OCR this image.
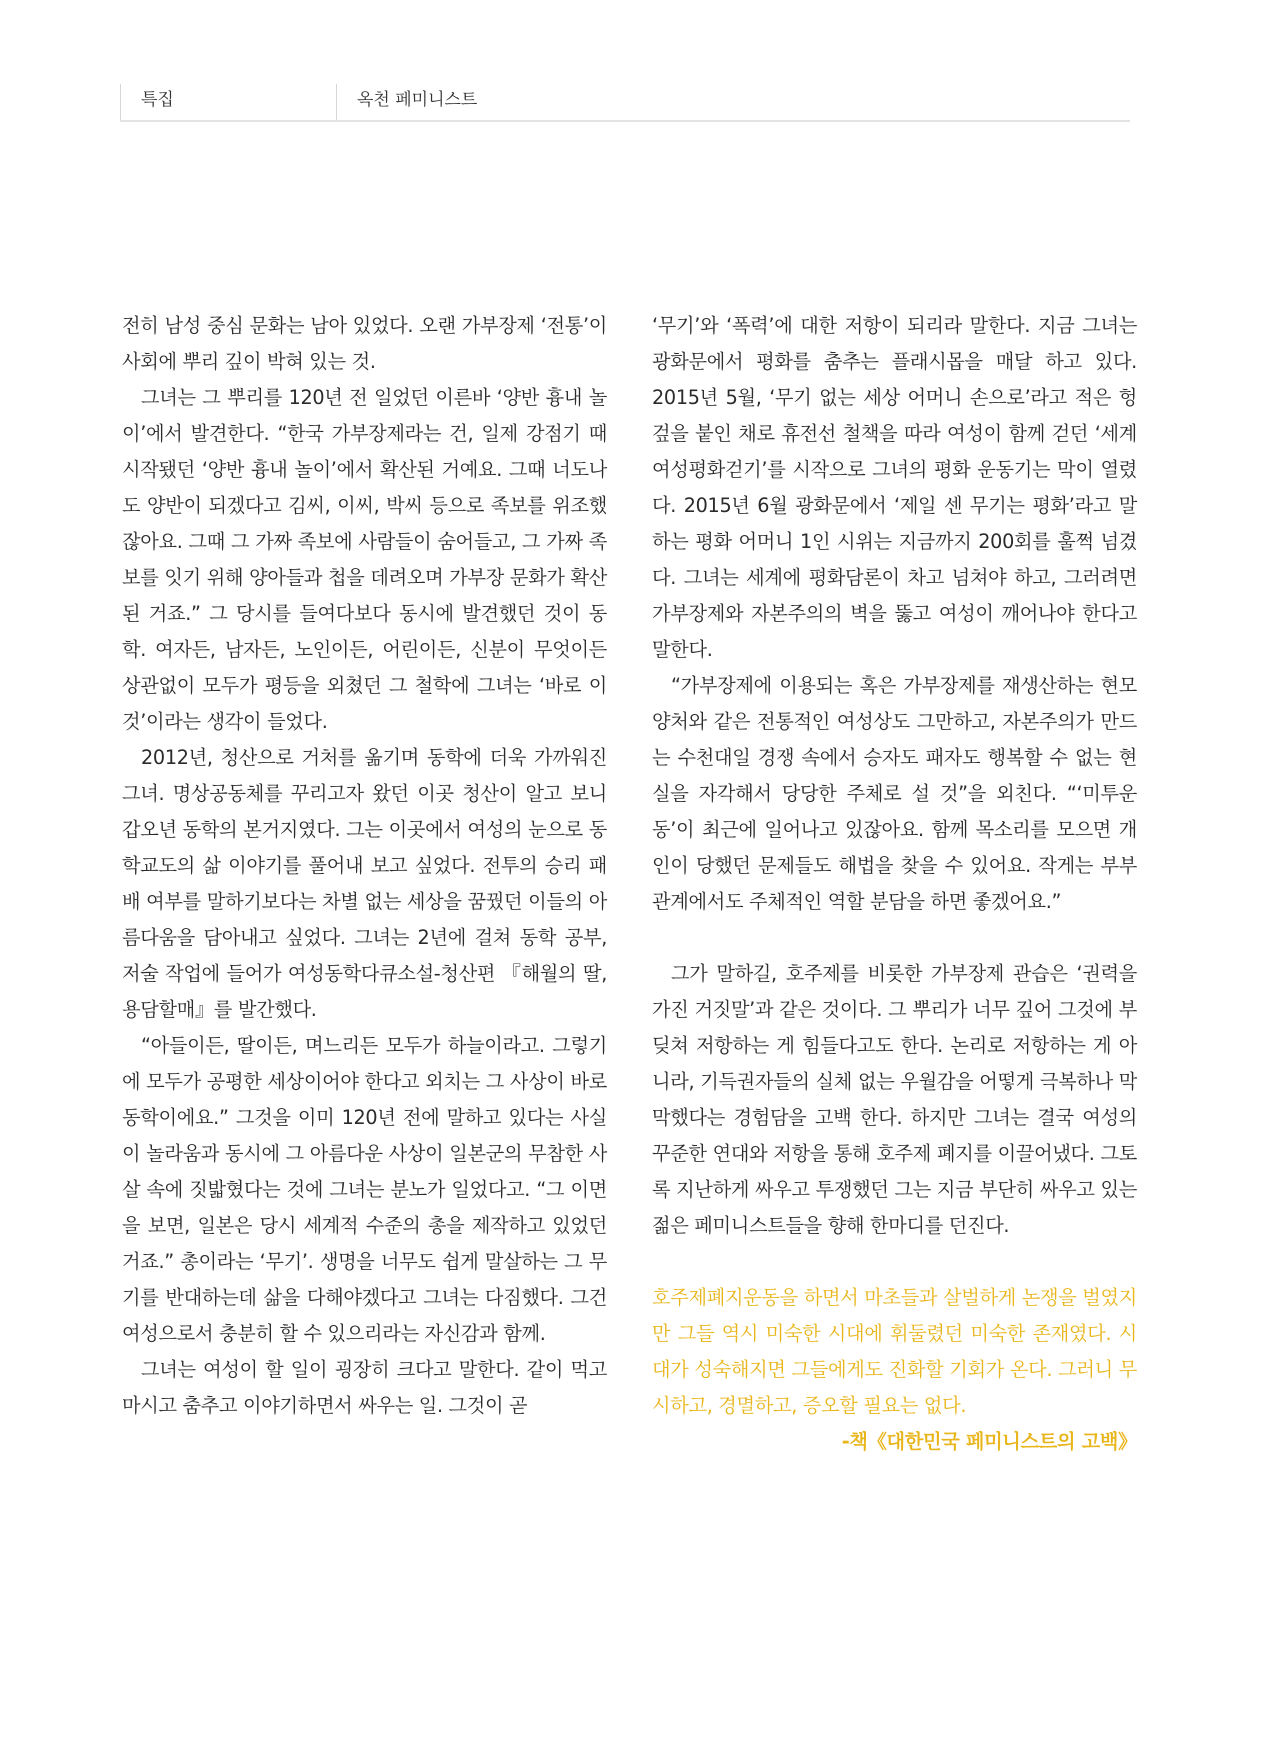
특집	옥천 페미니스트

전히 남성 중심 문화는 남아 있었다. 오랜 가부장제 ‘전통’이 사회에 뿌리 깊이 박혀 있는 것.

그녀는 그 뿌리를 120년 전 일었던 이른바 ‘양반 흉내 놀이’에서 발견한다. “한국 가부장제라는 건, 일제 강점기 때 시작됐던 ‘양반 흉내 놀이’에서 확산된 거예요. 그때 너도나도 양반이 되겠다고 김씨, 이씨, 박씨 등으로 족보를 위조했잖아요. 그때 그 가짜 족보에 사람들이 숨어들고, 그 가짜 족보를 잇기 위해 양아들과 첩을 데려오며 가부장 문화가 확산된 거죠.” 그 당시를 들여다보다 동시에 발견했던 것이 동학. 여자든, 남자든, 노인이든, 어린이든, 신분이 무엇이든 상관없이 모두가 평등을 외쳤던 그 철학에 그녀는 ‘바로 이것’이라는 생각이 들었다.

2012년, 청산으로 거처를 옮기며 동학에 더욱 가까워진 그녀. 명상공동체를 꾸리고자 왔던 이곳 청산이 알고 보니 갑오년 동학의 본거지였다. 그는 이곳에서 여성의 눈으로 동학교도의 삶 이야기를 풀어내 보고 싶었다. 전투의 승리 패배 여부를 말하기보다는 차별 없는 세상을 꿈꿨던 이들의 아름다움을 담아내고 싶었다. 그녀는 2년에 걸쳐 동학 공부, 저술 작업에 들어가 여성동학다큐소설-청산편 『해월의 딸, 용담할매』를 발간했다.

“아들이든, 딸이든, 며느리든 모두가 하늘이라고. 그렇기에 모두가 공평한 세상이어야 한다고 외치는 그 사상이 바로 동학이에요.” 그것을 이미 120년 전에 말하고 있다는 사실이 놀라움과 동시에 그 아름다운 사상이 일본군의 무참한 사살 속에 짓밟혔다는 것에 그녀는 분노가 일었다고. “그 이면을 보면, 일본은 당시 세계적 수준의 총을 제작하고 있었던 거죠.” 총이라는 ‘무기’. 생명을 너무도 쉽게 말살하는 그 무기를 반대하는데 삶을 다해야겠다고 그녀는 다짐했다. 그건 여성으로서 충분히 할 수 있으리라는 자신감과 함께.

그녀는 여성이 할 일이 굉장히 크다고 말한다. 같이 먹고 마시고 춤추고 이야기하면서 싸우는 일. 그것이 곧

‘무기’와 ‘폭력’에 대한 저항이 되리라 말한다. 지금 그녀는 광화문에서 평화를 춤추는 플래시몹을 매달 하고 있다. 2015년 5월, ‘무기 없는 세상 어머니 손으로’라고 적은 헝겊을 붙인 채로 휴전선 철책을 따라 여성이 함께 걷던 ‘세계여성평화걷기’를 시작으로 그녀의 평화 운동기는 막이 열렸다. 2015년 6월 광화문에서 ‘제일 센 무기는 평화’라고 말하는 평화 어머니 1인 시위는 지금까지 200회를 훌쩍 넘겼다. 그녀는 세계에 평화담론이 차고 넘쳐야 하고, 그러려면 가부장제와 자본주의의 벽을 뚫고 여성이 깨어나야 한다고 말한다.

“가부장제에 이용되는 혹은 가부장제를 재생산하는 현모양처와 같은 전통적인 여성상도 그만하고, 자본주의가 만드는 수천대일 경쟁 속에서 승자도 패자도 행복할 수 없는 현실을 자각해서 당당한 주체로 설 것”을 외친다. “‘미투운동’이 최근에 일어나고 있잖아요. 함께 목소리를 모으면 개인이 당했던 문제들도 해법을 찾을 수 있어요. 작게는 부부 관계에서도 주체적인 역할 분담을 하면 좋겠어요.”

그가 말하길, 호주제를 비롯한 가부장제 관습은 ‘권력을 가진 거짓말’과 같은 것이다. 그 뿌리가 너무 깊어 그것에 부딪쳐 저항하는 게 힘들다고도 한다. 논리로 저항하는 게 아니라, 기득권자들의 실체 없는 우월감을 어떻게 극복하나 막막했다는 경험담을 고백 한다. 하지만 그녀는 결국 여성의 꾸준한 연대와 저항을 통해 호주제 폐지를 이끌어냈다. 그토록 지난하게 싸우고 투쟁했던 그는 지금 부단히 싸우고 있는 젊은 페미니스트들을 향해 한마디를 던진다.

호주제폐지운동을 하면서 마초들과 살벌하게 논쟁을 벌였지만 그들 역시 미숙한 시대에 휘둘렸던 미숙한 존재였다. 시대가 성숙해지면 그들에게도 진화할 기회가 온다. 그러니 무시하고, 경멸하고, 증오할 필요는 없다.

-책《대한민국 페미니스트의 고백》
